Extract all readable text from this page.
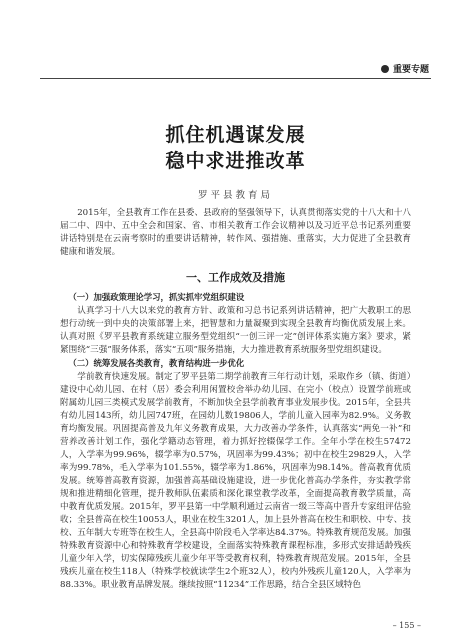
重要专题
抓住机遇谋发展
稳中求进推改革
罗平县教育局

2015年，全县教育工作在县委、县政府的坚强领导下，认真贯彻落实党的十八大和十八届二中、四中、五中全会和国家、省、市相关教育工作会议精神以及习近平总书记系列重要讲话特别是在云南考察时的重要讲话精神，转作风、强措施、重落实，大力促进了全县教育健康和谐发展。

一、工作成效及措施

（一）加强政策理论学习，抓实抓牢党组织建设

认真学习十八大以来党的教育方针、政策和习总书记系列讲话精神，把广大教职工的思想行动统一到中央的决策部署上来，把智慧和力量凝聚到实现全县教育均衡优质发展上来。认真对照《罗平县教育系统建立服务型党组织“一创三评一定”创评体系实施方案》要求，紧紧围绕“三强”服务体系，落实“五项”服务措施，大力推进教育系统服务型党组织建设。

（二）统筹发展各类教育，教育结构进一步优化

学前教育快速发展。制定了罗平县第二期学前教育三年行动计划，采取作乡（镇、街道）建设中心幼儿园、在村（居）委会利用闲置校舍举办幼儿园、在完小（校点）设置学前班或附属幼儿园三类模式发展学前教育，不断加快全县学前教育事业发展步伐。2015年，全县共有幼儿园143所，幼儿园747班，在园幼儿数19806人，学前儿童入园率为82.9%。义务教育均衡发展。巩固提高普及九年义务教育成果，大力改善办学条件，认真落实“两免一补”和营养改善计划工作，强化学籍动态管理，着力抓好控辍保学工作。全年小学在校生57472人，入学率为99.96%，辍学率为0.57%，巩固率为99.43%；初中在校生29829人，入学率为99.78%，毛入学率为101.55%，辍学率为1.86%，巩固率为98.14%。普高教育优质发展。统筹普高教育资源，加强普高基础设施建设，进一步优化普高办学条件，夯实教学常规和推进精细化管理，提升教师队伍素质和深化课堂教学改革，全面提高教育教学质量，高中教育优质发展。2015年，罗平县第一中学顺利通过云南省一级三等高中晋升专家组评估验收；全县普高在校生10053人，职业在校生3201人，加上县外普高在校生和职校、中专、技校、五年制大专班等在校生人，全县高中阶段毛入学率达84.37%。特殊教育规范发展。加强特殊教育资源中心和特殊教育学校建设，全面落实特殊教育课程标准，多形式安排适龄残疾儿童少年入学，切实保障残疾儿童少年平等受教育权利，特殊教育规范发展。2015年，全县残疾儿童在校生118人（特殊学校就读学生2个班32人），校内外残疾儿童120人，入学率为88.33%。职业教育品牌发展。继续按照“11234”工作思路，结合全县区域特色

– 155 –
